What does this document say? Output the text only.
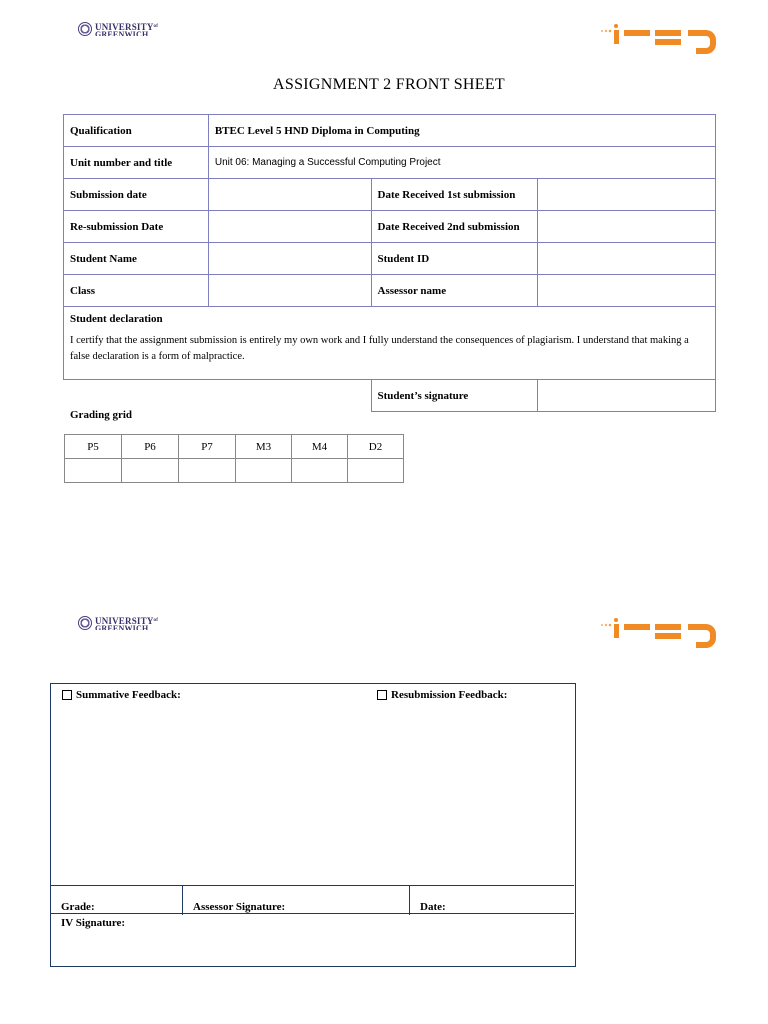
$UNIVERSITY^{of}$
GREENWICH
ASSIGNMENT 2 FRONT SHEET
Qualification	BTEC Level 5 HND Diploma in Computing		
Unit number and title	Unit 06: Managing a Successful Computing Project		
Submission date		Date Received 1st submission	
Re-submission Date		Date Received 2nd submission	
Student Name		Student ID	
Class		Assessor name	

Student declaration
I certify that the assignment submission is entirely my own work and I fully understand the consequences of plagiarism. I understand that making a false declaration is a form of malpractice.			

		Student’s signature	
Grading grid
P5	P6	P7	M3	M4	D2

$UNIVERSITY^{of}$
GREENWICH
Summative Feedback:	Resubmission Feedback:
Grade:	Assessor Signature:	Date:
IV Signature:
